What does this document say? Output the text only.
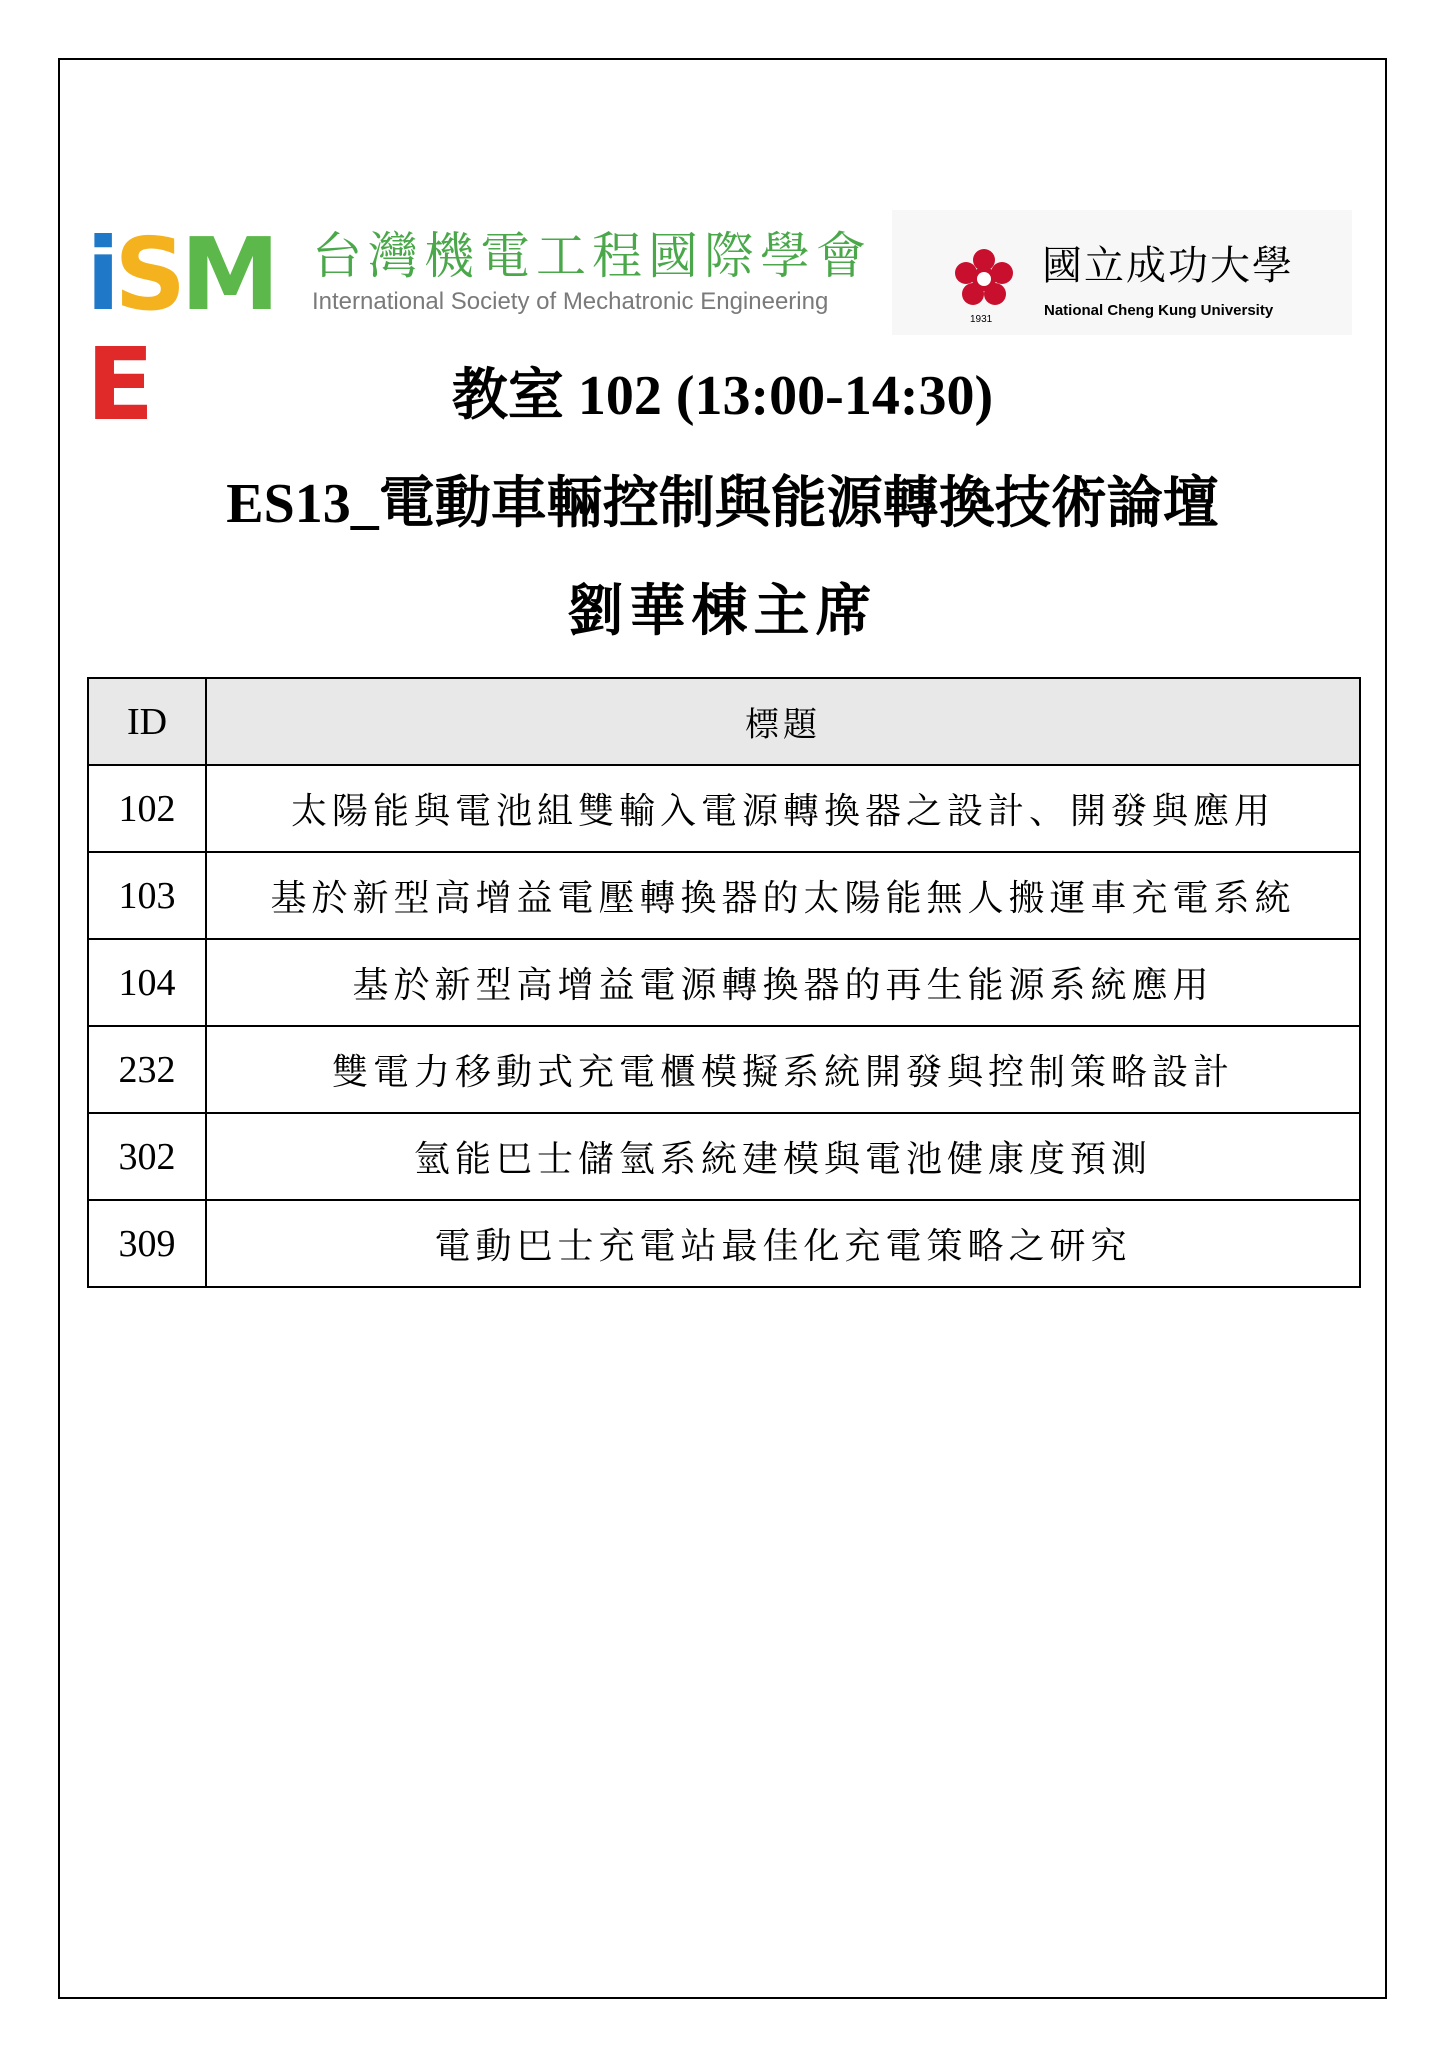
iSME
台灣機電工程國際學會
International Society of Mechatronic Engineering
1931
國立成功大學
National Cheng Kung University
教室 102 (13:00-14:30)
ES13_電動車輛控制與能源轉換技術論壇
劉華棟主席
ID	標題
102	太陽能與電池組雙輸入電源轉換器之設計、開發與應用
103	基於新型高增益電壓轉換器的太陽能無人搬運車充電系統
104	基於新型高增益電源轉換器的再生能源系統應用
232	雙電力移動式充電櫃模擬系統開發與控制策略設計
302	氫能巴士儲氫系統建模與電池健康度預測
309	電動巴士充電站最佳化充電策略之研究
